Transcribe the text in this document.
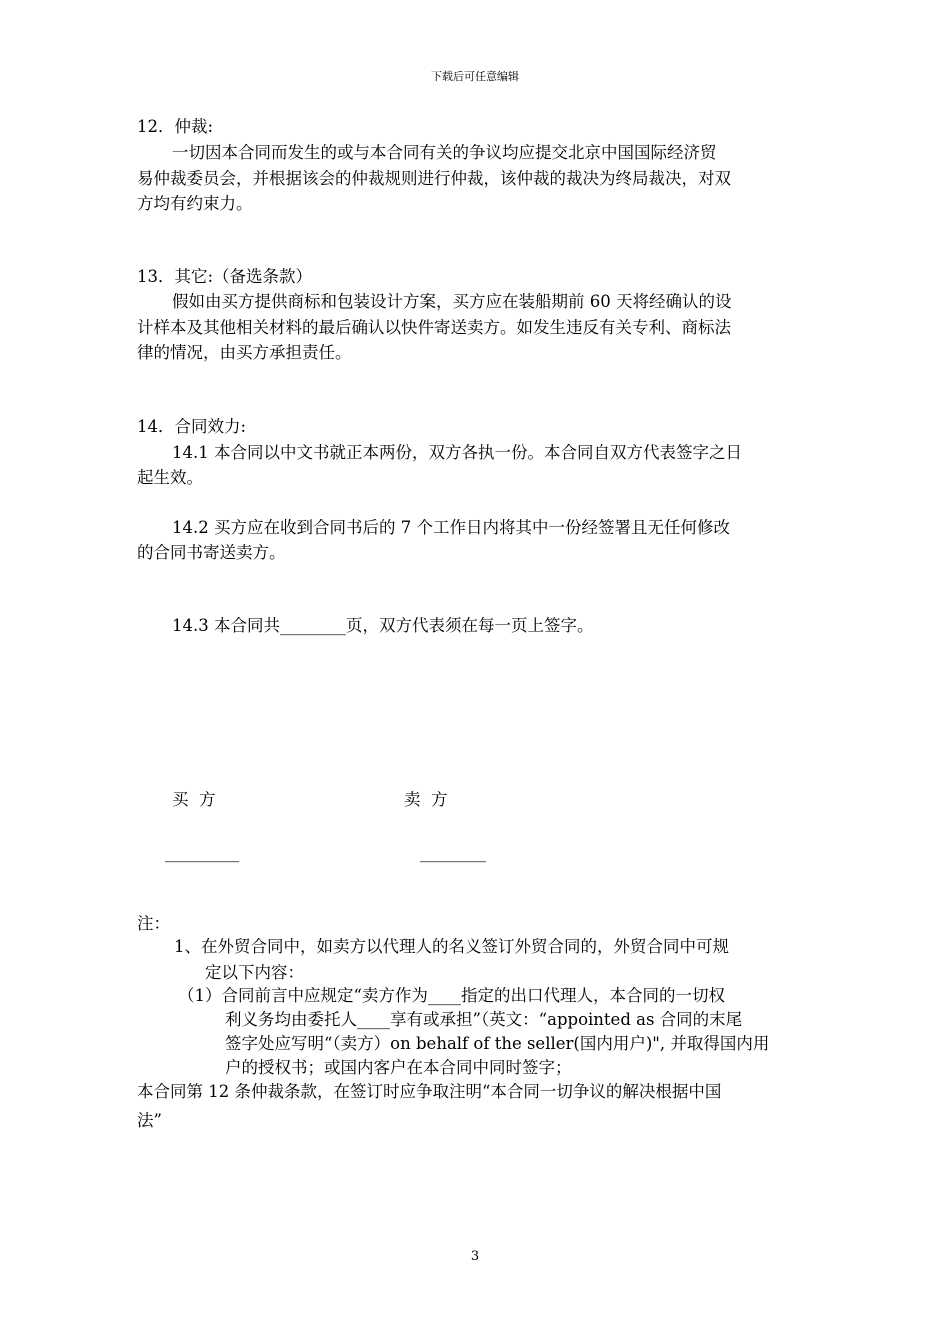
下载后可任意编辑
12．仲裁:
一切因本合同而发生的或与本合同有关的争议均应提交北京中国国际经济贸
易仲裁委员会，并根据该会的仲裁规则进行仲裁，该仲裁的裁决为终局裁决，对双
方均有约束力。
13．其它:（备选条款）
假如由买方提供商标和包装设计方案，买方应在装船期前 60 天将经确认的设
计样本及其他相关材料的最后确认以快件寄送卖方。如发生违反有关专利、商标法
律的情况，由买方承担责任。
14．合同效力:
14.1 本合同以中文书就正本两份，双方各执一份。本合同自双方代表签字之日
起生效。
14.2 买方应在收到合同书后的 7 个工作日内将其中一份经签署且无任何修改
的合同书寄送卖方。
14.3 本合同共________页，双方代表须在每一页上签字。
买  方	卖  方
_________	________
注：
1、在外贸合同中，如卖方以代理人的名义签订外贸合同的，外贸合同中可规
定以下内容：
（1）合同前言中应规定“卖方作为____指定的出口代理人，本合同的一切权
利义务均由委托人____享有或承担”（英文：“appointed as 合同的末尾
签字处应写明“（卖方）on behalf of the seller(国内用户)", 并取得国内用
户的授权书；或国内客户在本合同中同时签字；
本合同第 12 条仲裁条款，在签订时应争取注明“本合同一切争议的解决根据中国
法”
3
